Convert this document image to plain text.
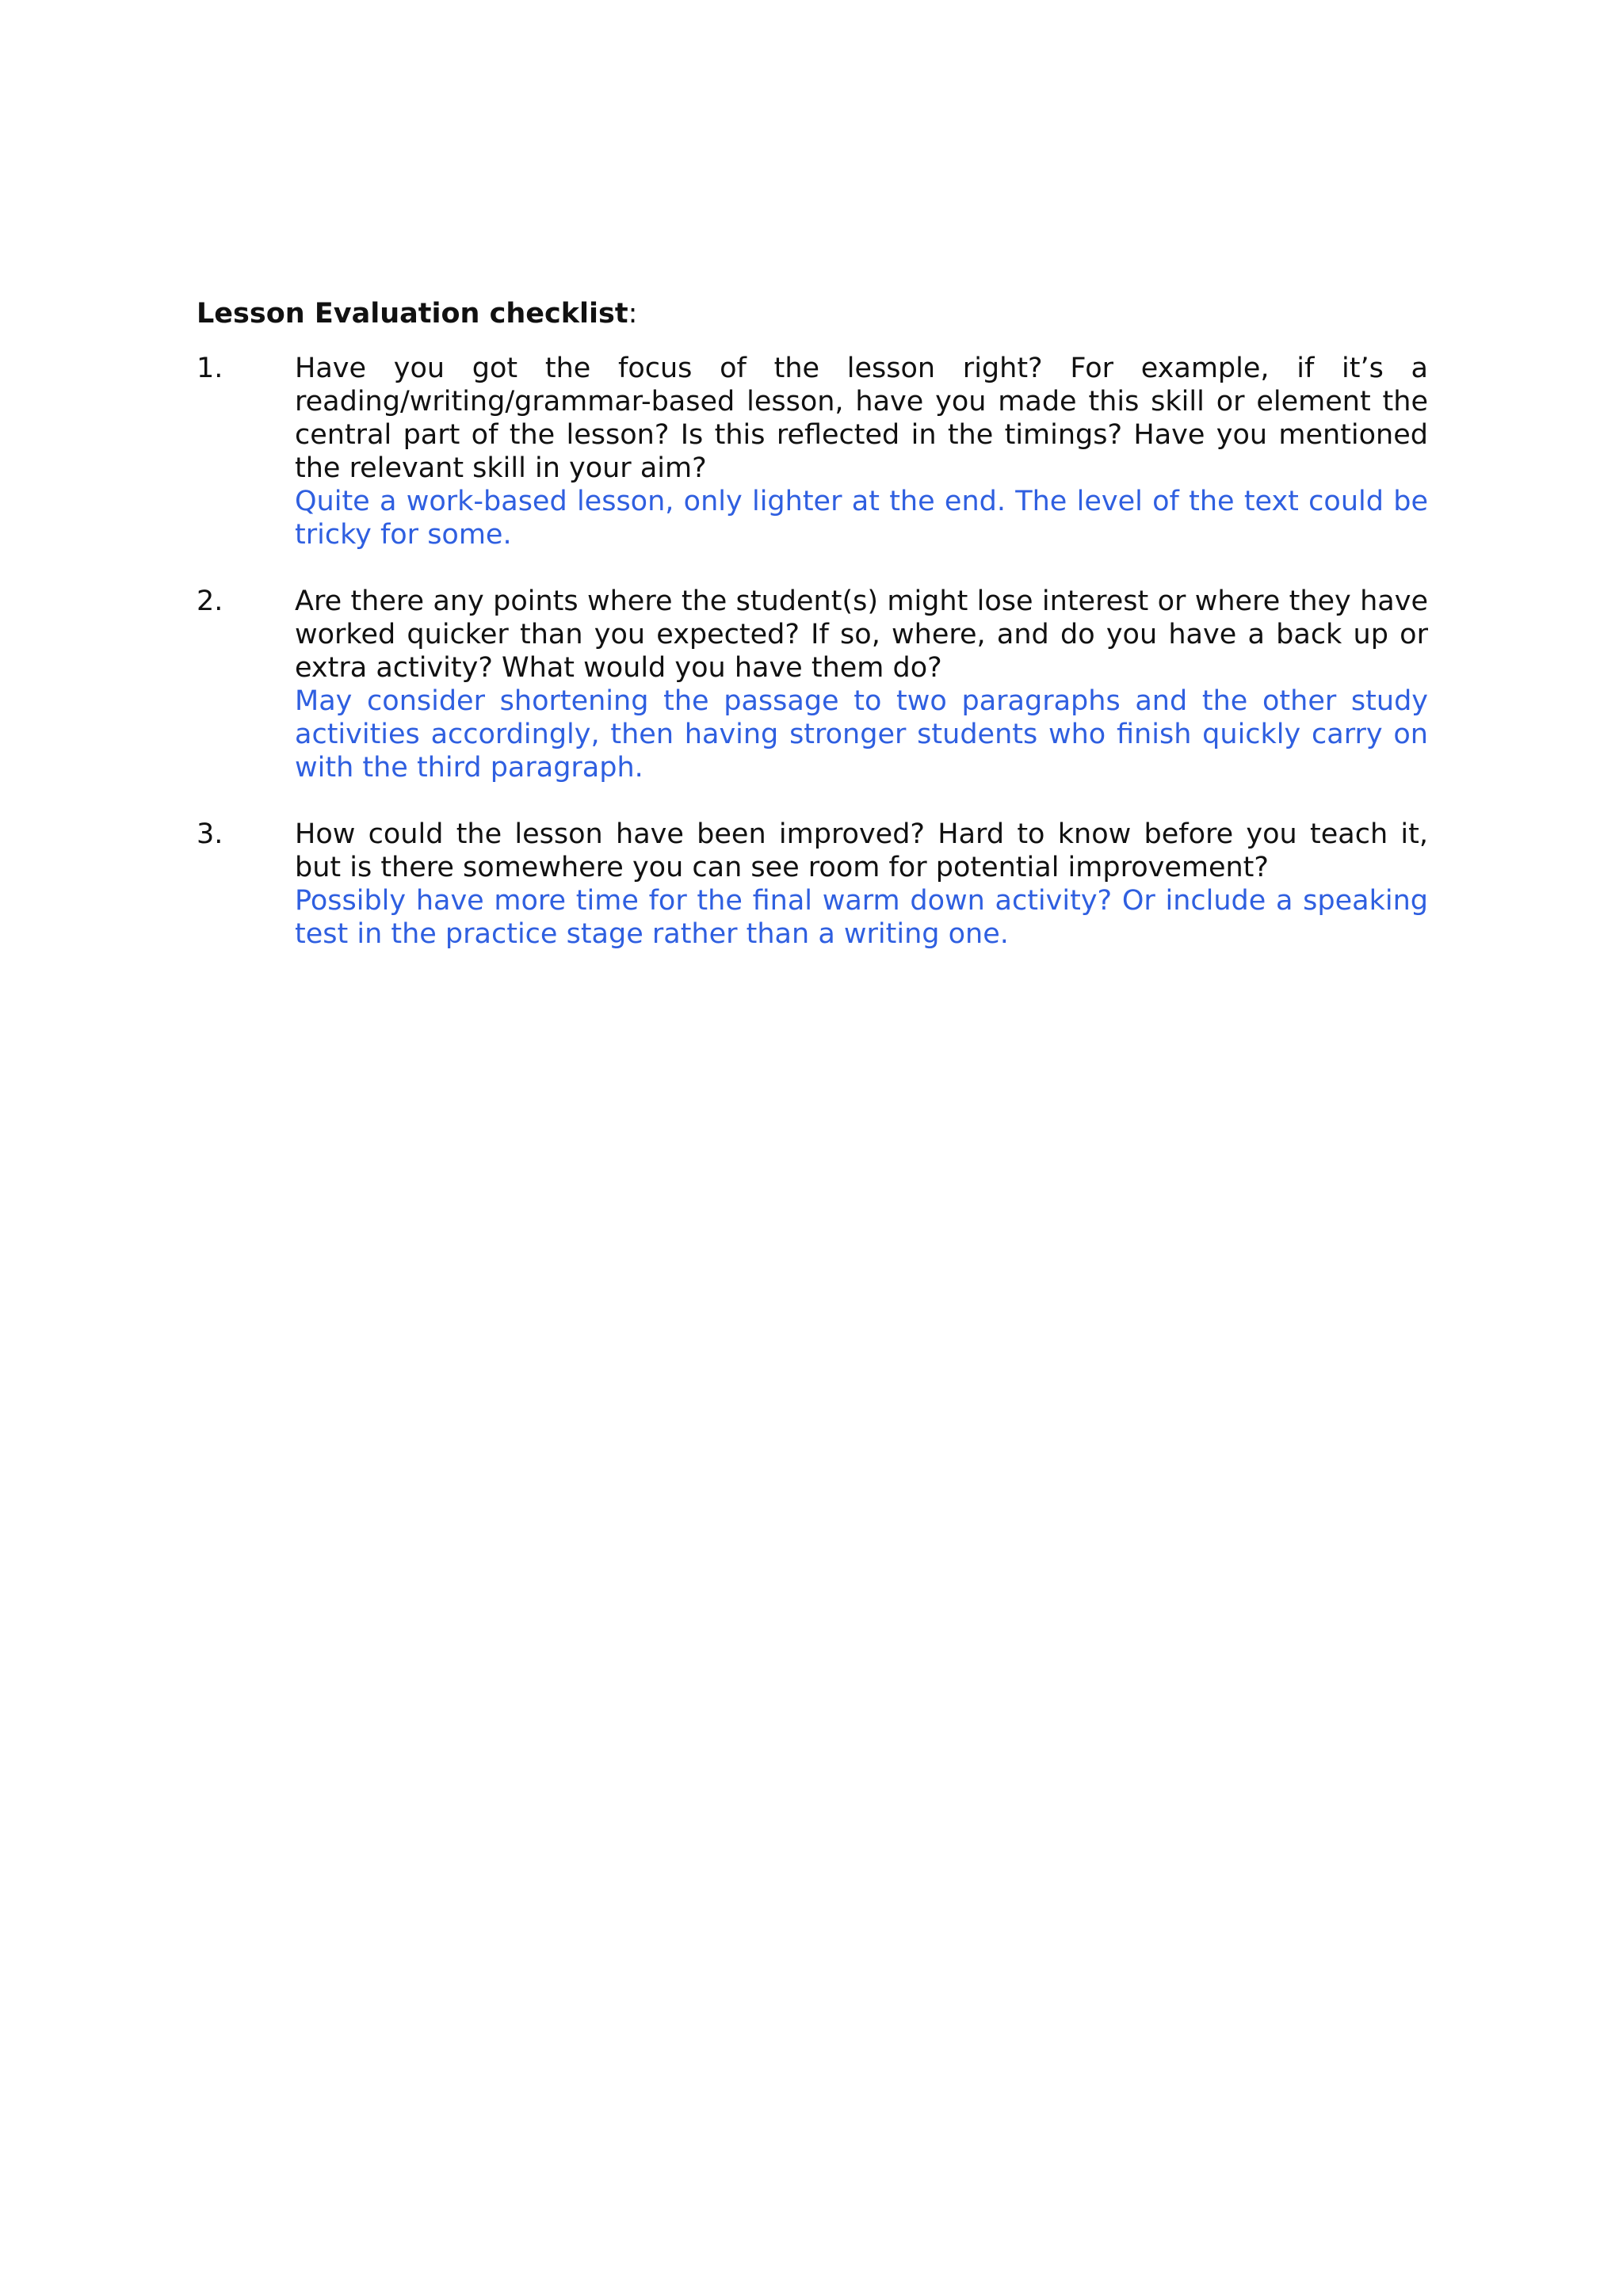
Lesson Evaluation checklist:

1.	Have you got the focus of the lesson right? For example, if it’s a reading/writing/grammar-based lesson, have you made this skill or element the central part of the lesson? Is this reflected in the timings? Have you mentioned the relevant skill in your aim?
Quite a work-based lesson, only lighter at the end. The level of the text could be tricky for some.
2.	Are there any points where the student(s) might lose interest or where they have worked quicker than you expected? If so, where, and do you have a back up or extra activity? What would you have them do?
May consider shortening the passage to two paragraphs and the other study activities accordingly, then having stronger students who finish quickly carry on with the third paragraph.
3.	How could the lesson have been improved? Hard to know before you teach it, but is there somewhere you can see room for potential improvement?
Possibly have more time for the final warm down activity? Or include a speaking test in the practice stage rather than a writing one.
